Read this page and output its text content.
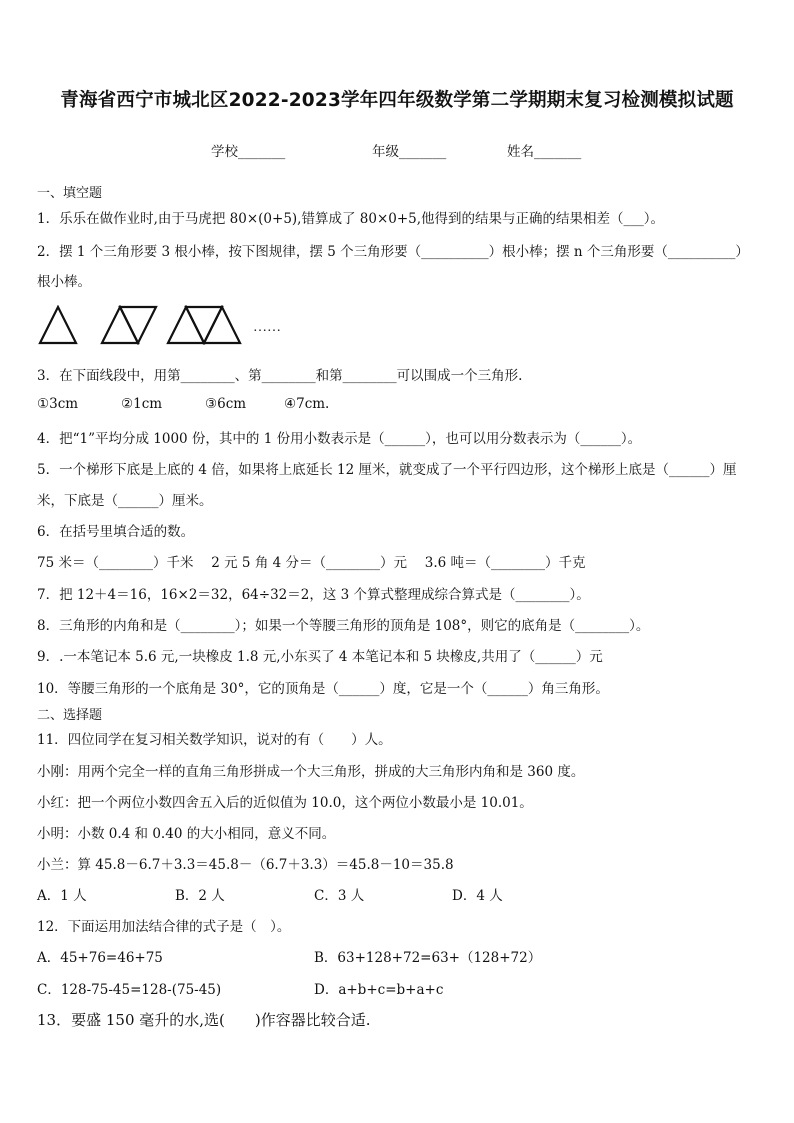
青海省西宁市城北区2022-2023学年四年级数学第二学期期末复习检测模拟试题
学校_______	年级_______	姓名_______
一、填空题
1．乐乐在做作业时,由于马虎把 80×(0+5),错算成了 80×0+5,他得到的结果与正确的结果相差（___）。
2．摆 1 个三角形要 3 根小棒，按下图规律，摆 5 个三角形要（__________）根小棒；摆 n 个三角形要（__________）
根小棒。
……
3．在下面线段中，用第________、第________和第________可以围成一个三角形.
①3cm	②1cm	③6cm	④7cm.
4．把“1”平均分成 1000 份，其中的 1 份用小数表示是（______），也可以用分数表示为（______）。
5．一个梯形下底是上底的 4 倍，如果将上底延长 12 厘米，就变成了一个平行四边形，这个梯形上底是（______）厘
米，下底是（______）厘米。
6．在括号里填合适的数。
75 米＝（________）千米　 2 元 5 角 4 分＝（________）元　 3.6 吨＝（________）千克
7．把 12＋4＝16，16×2＝32，64÷32＝2，这 3 个算式整理成综合算式是（________）。
8．三角形的内角和是（________）；如果一个等腰三角形的顶角是 108°，则它的底角是（________）。
9．.一本笔记本 5.6 元,一块橡皮 1.8 元,小东买了 4 本笔记本和 5 块橡皮,共用了（______）元
10．等腰三角形的一个底角是 30°，它的顶角是（______）度，它是一个（______）角三角形。
二、选择题
11．四位同学在复习相关数学知识，说对的有（　　）人。
小刚：用两个完全一样的直角三角形拼成一个大三角形，拼成的大三角形内角和是 360 度。
小红：把一个两位小数四舍五入后的近似值为 10.0，这个两位小数最小是 10.01。
小明：小数 0.4 和 0.40 的大小相同，意义不同。
小兰：算 45.8－6.7＋3.3＝45.8－（6.7＋3.3）＝45.8－10＝35.8
A．1 人	B．2 人	C．3 人	D．4 人
12．下面运用加法结合律的式子是（　）。
A．45+76=46+75	B．63+128+72=63+（128+72）
C．128-75-45=128-(75-45)	D．a+b+c=b+a+c
13．要盛 150 毫升的水,选(　　)作容器比较合适.
